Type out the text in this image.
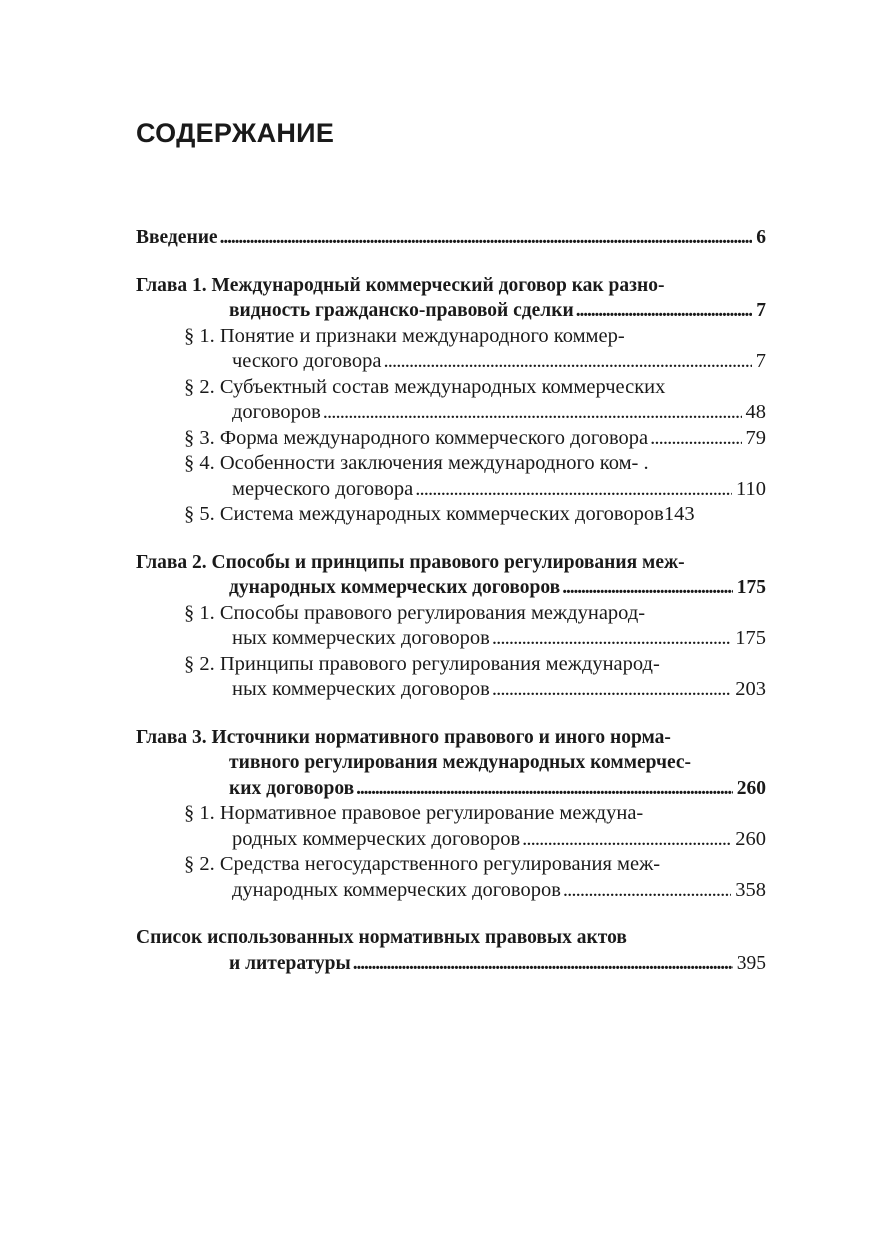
СОДЕРЖАНИЕ
Введение . . .	6
Глава 1. Международный коммерческий договор как разно-
видность гражданско-правовой сделки . . .	7
§ 1. Понятие и признаки международного коммер-
ческого договора . . .	7
§ 2. Субъектный состав международных коммерческих
договоров . . .	48
§ 3. Форма международного коммерческого договора . . .	79
§ 4. Особенности заключения международного ком- .
мерческого договора . . .	110
§ 5. Система международных коммерческих договоров 143
Глава 2. Способы и принципы правового регулирования меж-
дународных коммерческих договоров . . .	175
§ 1. Способы правового регулирования международ-
ных коммерческих договоров . . .	175
§ 2. Принципы правового регулирования международ-
ных коммерческих договоров . . .	203
Глава 3. Источники нормативного правового и иного норма-
тивного регулирования международных коммерчес-
ких договоров . . .	260
§ 1. Нормативное правовое регулирование междуна-
родных коммерческих договоров . . .	260
§ 2. Средства негосударственного регулирования меж-
дународных коммерческих договоров . . .	358
Список использованных нормативных правовых актов
и литературы . . .	395
